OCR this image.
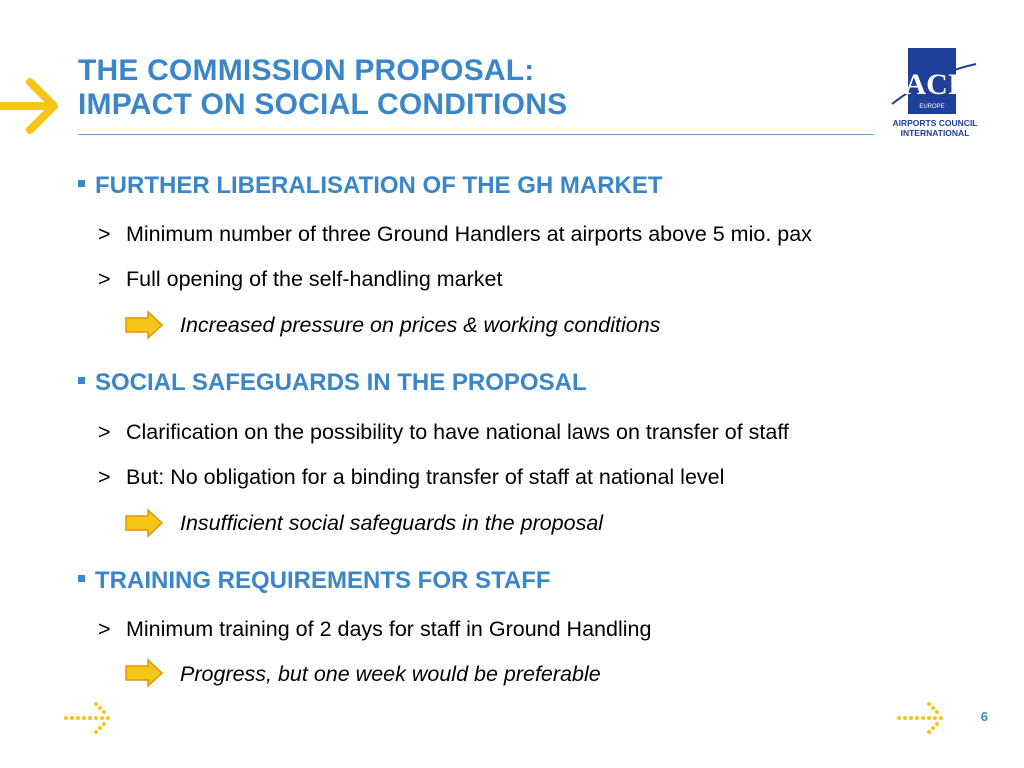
THE COMMISSION PROPOSAL:
IMPACT ON SOCIAL CONDITIONS
ACI
EUROPE
AIRPORTS COUNCIL
INTERNATIONAL
FURTHER LIBERALISATION OF THE GH MARKET
> Minimum number of three Ground Handlers at airports above 5 mio. pax
> Full opening of the self-handling market
Increased pressure on prices & working conditions
SOCIAL SAFEGUARDS IN THE PROPOSAL
> Clarification on the possibility to have national laws on transfer of staff
> But: No obligation for a binding transfer of staff at national level
Insufficient social safeguards in the proposal
TRAINING REQUIREMENTS FOR STAFF
> Minimum training of 2 days for staff in Ground Handling
Progress, but one week would be preferable
6
